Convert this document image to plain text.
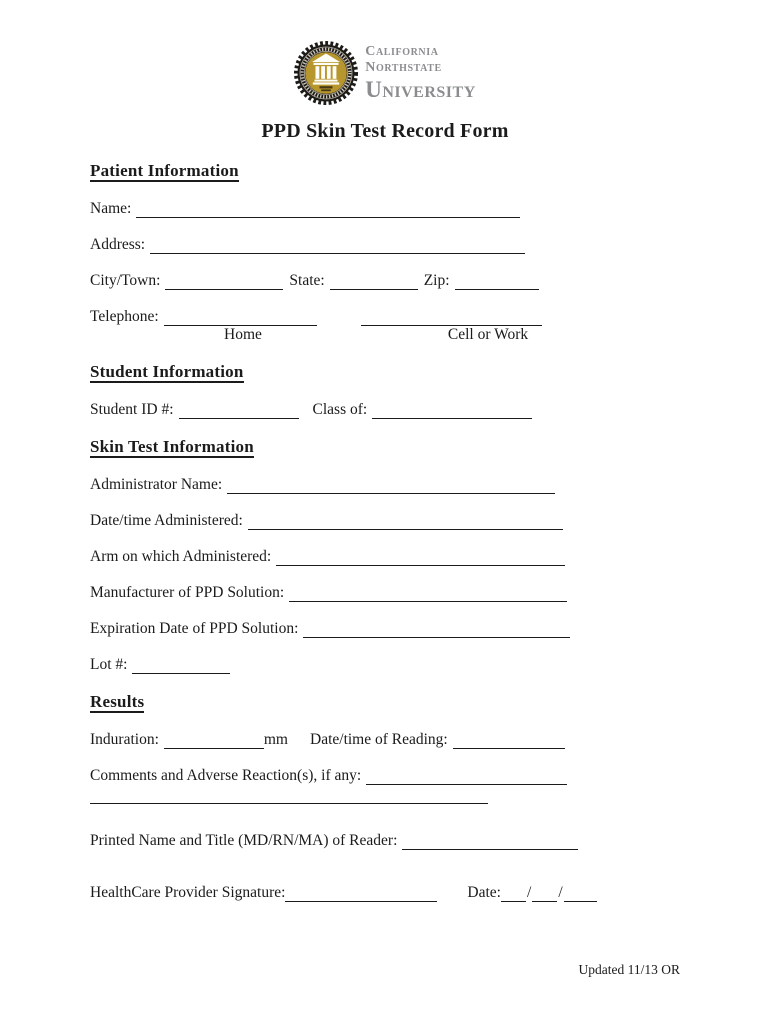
California
Northstate
University
PPD Skin Test Record Form
Patient Information
Name:
Address:
City/Town:	State:	Zip:
Telephone:
Home	Cell or Work
Student Information
Student ID #:	Class of:
Skin Test Information
Administrator Name:
Date/time Administered:
Arm on which Administered:
Manufacturer of PPD Solution:
Expiration Date of PPD Solution:
Lot #:
Results
Induration:	mm Date/time of Reading:
Comments and Adverse Reaction(s), if any:
Printed Name and Title (MD/RN/MA) of Reader:
HealthCare Provider Signature:	Date: / /
Updated 11/13 OR
